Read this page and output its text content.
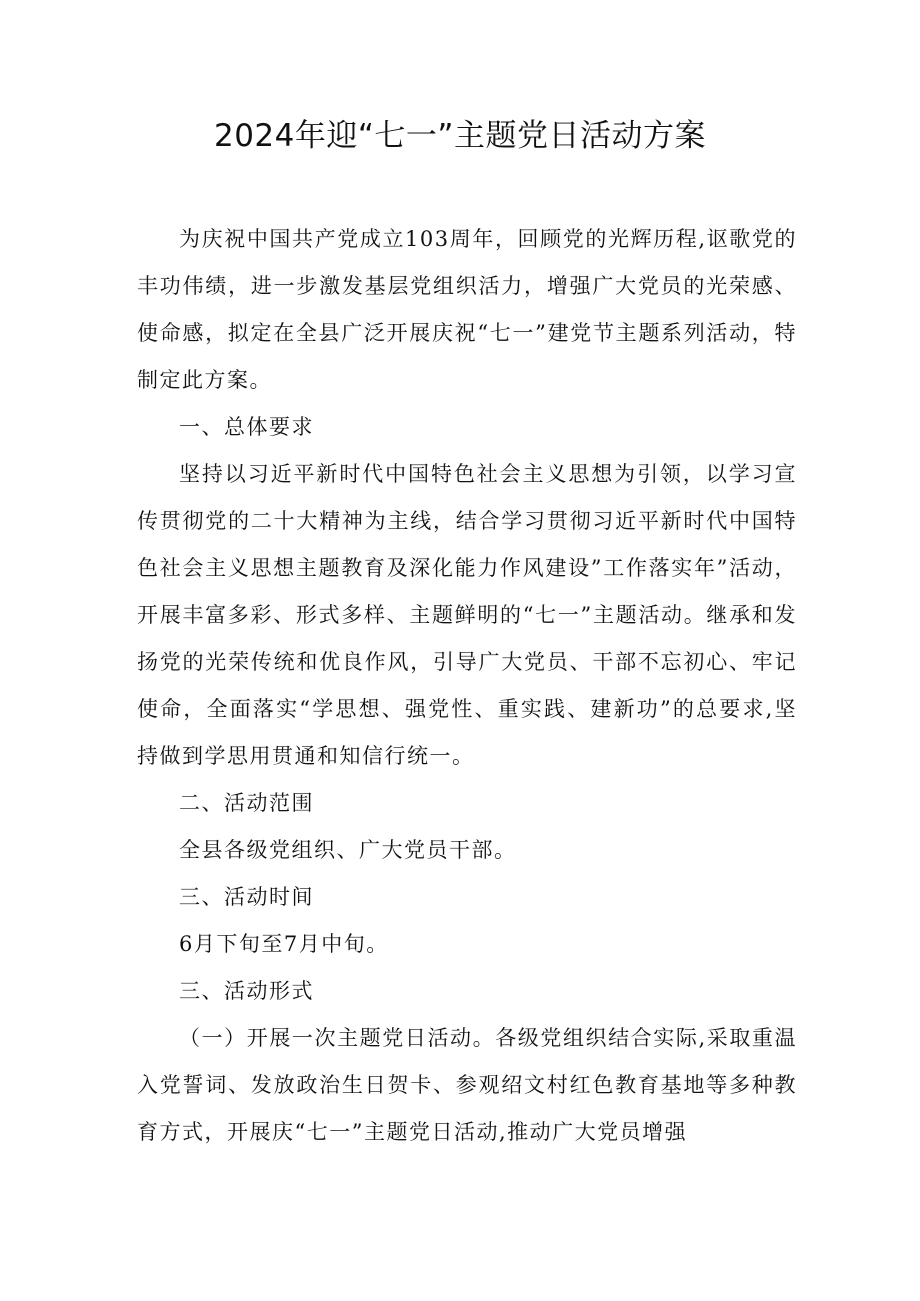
2024年迎“七一”主题党日活动方案

为庆祝中国共产党成立103周年，回顾党的光辉历程,讴歌党的丰功伟绩，进一步激发基层党组织活力，增强广大党员的光荣感、使命感，拟定在全县广泛开展庆祝“七一”建党节主题系列活动，特制定此方案。

一、总体要求

坚持以习近平新时代中国特色社会主义思想为引领，以学习宣传贯彻党的二十大精神为主线，结合学习贯彻习近平新时代中国特色社会主义思想主题教育及深化能力作风建设”工作落实年”活动，开展丰富多彩、形式多样、主题鲜明的“七一”主题活动。继承和发扬党的光荣传统和优良作风，引导广大党员、干部不忘初心、牢记使命，全面落实“学思想、强党性、重实践、建新功”的总要求,坚持做到学思用贯通和知信行统一。

二、活动范围

全县各级党组织、广大党员干部。

三、活动时间

6月下旬至7月中旬。

三、活动形式

（一）开展一次主题党日活动。各级党组织结合实际,采取重温入党誓词、发放政治生日贺卡、参观绍文村红色教育基地等多种教育方式，开展庆“七一”主题党日活动,推动广大党员增强
